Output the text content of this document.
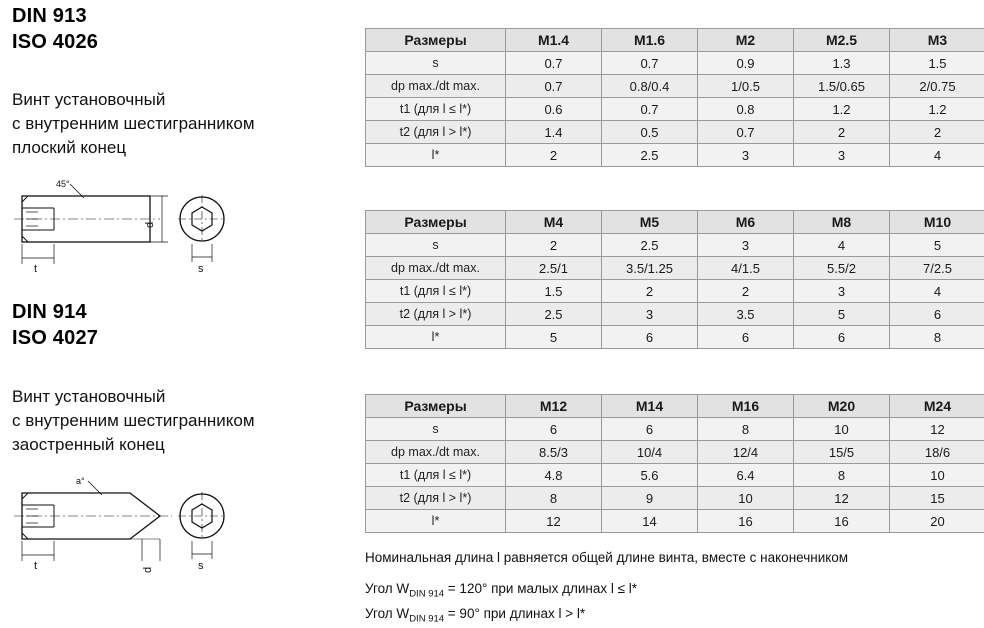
DIN 913
ISO 4026
Винт установочный
с внутренним шестигранником
плоский конец
45°
t
d
s
DIN 914
ISO 4027
Винт установочный
с внутренним шестигранником
заостренный конец
a°
t	d	s
Размеры	M1.4	M1.6	M2	M2.5	M3
s	0.7	0.7	0.9	1.3	1.5
dp max./dt max.	0.7	0.8/0.4	1/0.5	1.5/0.65	2/0.75
t1 (для l ≤ l*)	0.6	0.7	0.8	1.2	1.2
t2 (для l > l*)	1.4	0.5	0.7	2	2
l*	2	2.5	3	3	4
Размеры	M4	M5	M6	M8	M10
s	2	2.5	3	4	5
dp max./dt max.	2.5/1	3.5/1.25	4/1.5	5.5/2	7/2.5
t1 (для l ≤ l*)	1.5	2	2	3	4
t2 (для l > l*)	2.5	3	3.5	5	6
l*	5	6	6	6	8
Размеры	M12	M14	M16	M20	M24
s	6	6	8	10	12
dp max./dt max.	8.5/3	10/4	12/4	15/5	18/6
t1 (для l ≤ l*)	4.8	5.6	6.4	8	10
t2 (для l > l*)	8	9	10	12	15
l*	12	14	16	16	20
Номинальная длина l равняется общей длине винта, вместе с наконечником
Угол $W_{DIN 914} = 120^\circ$ при малых длинах l ≤ l*
Угол $W_{DIN 914} = 90^\circ$ при длинах l > l*
